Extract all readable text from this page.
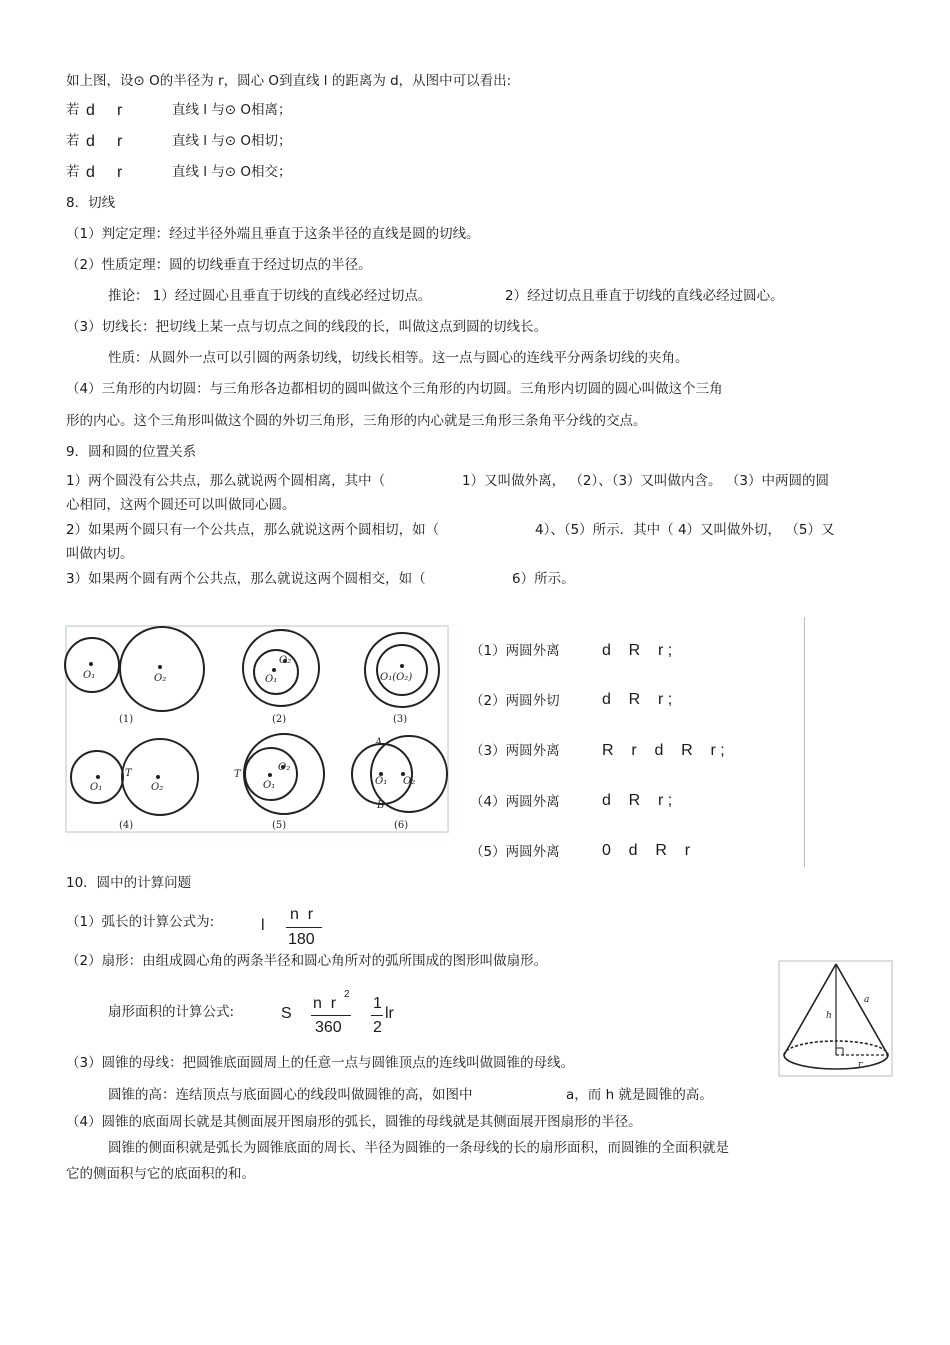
如上图，设⊙ O的半径为 r，圆心 O到直线 l 的距离为 d，从图中可以看出:
若 d r	直线 l 与⊙ O相离；
若 d r	直线 l 与⊙ O相切；
若 d r	直线 l 与⊙ O相交；
8．切线
（1）判定定理：经过半径外端且垂直于这条半径的直线是圆的切线。
（2）性质定理：圆的切线垂直于经过切点的半径。
推论： 1）经过圆心且垂直于切线的直线必经过切点。	2）经过切点且垂直于切线的直线必经过圆心。
（3）切线长：把切线上某一点与切点之间的线段的长，叫做这点到圆的切线长。
性质：从圆外一点可以引圆的两条切线，切线长相等。这一点与圆心的连线平分两条切线的夹角。
（4）三角形的内切圆：与三角形各边都相切的圆叫做这个三角形的内切圆。三角形内切圆的圆心叫做这个三角
形的内心。这个三角形叫做这个圆的外切三角形，三角形的内心就是三角形三条角平分线的交点。
9．圆和圆的位置关系
1）两个圆没有公共点，那么就说两个圆相离，其中（	1）又叫做外离， （2）、（3）又叫做内含。 （3）中两圆的圆
心相同，这两个圆还可以叫做同心圆。
2）如果两个圆只有一个公共点，那么就说这两个圆相切，如（	4）、（5）所示．其中（ 4）又叫做外切， （5）又
叫做内切。
3）如果两个圆有两个公共点，那么就说这两个圆相交，如（	6）所示。
O₁	O₂	O₁
O₂
O₁(O₂)
O₁	O₂
T
O₁
O₂
T
O₁ O₂
A
B
(1)	(2)	(3)
(4)	(5)	(6)
（1）两圆外离	d    R    r ;
（2）两圆外切	d    R    r ;
（3）两圆外离	R    r    d    R    r ;
（4）两圆外离	d    R    r ;
（5）两圆外离	0    d    R    r
10．圆中的计算问题
（1）弧长的计算公式为:	l
n  r
180
（2）扇形：由组成圆心角的两条半径和圆心角所对的弧所围成的图形叫做扇形。
扇形面积的计算公式:	S
n  r
2
360
1
2
lr
（3）圆锥的母线：把圆锥底面圆周上的任意一点与圆锥顶点的连线叫做圆锥的母线。
圆锥的高：连结顶点与底面圆心的线段叫做圆锥的高，如图中	a，而 h 就是圆锥的高。
（4）圆锥的底面周长就是其侧面展开图扇形的弧长，圆锥的母线就是其侧面展开图扇形的半径。
圆锥的侧面积就是弧长为圆锥底面的周长、半径为圆锥的一条母线的长的扇形面积，而圆锥的全面积就是
它的侧面积与它的底面积的和。
a
h
r
